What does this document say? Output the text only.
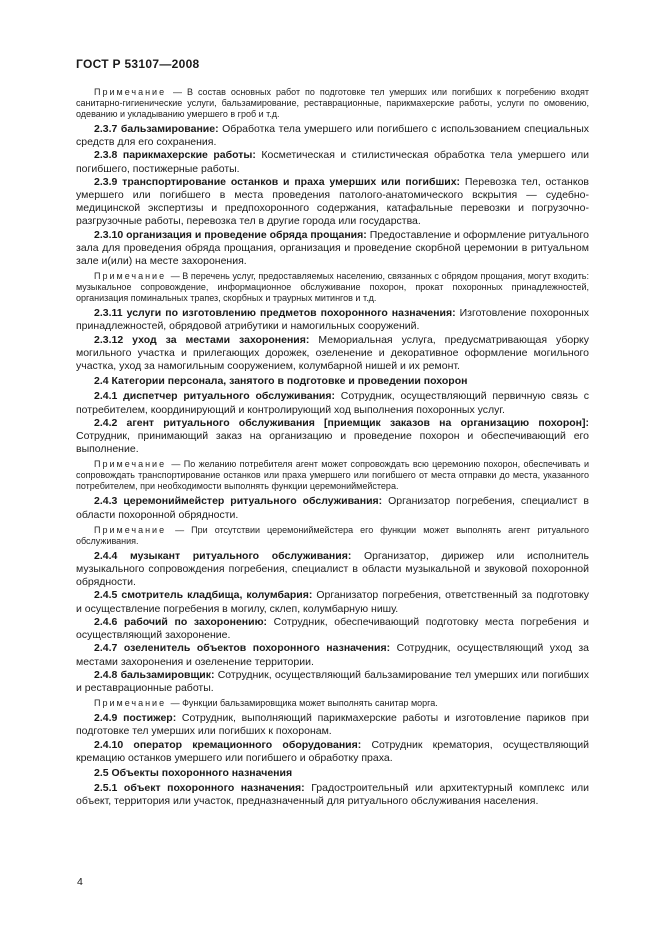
ГОСТ Р 53107—2008

Примечание — В состав основных работ по подготовке тел умерших или погибших к погребению входят санитарно-гигиенические услуги, бальзамирование, реставрационные, парикмахерские работы, услуги по омовению, одеванию и укладыванию умершего в гроб и т.д.

2.3.7 бальзамирование: Обработка тела умершего или погибшего с использованием специальных средств для его сохранения.

2.3.8 парикмахерские работы: Косметическая и стилистическая обработка тела умершего или погибшего, постижерные работы.

2.3.9 транспортирование останков и праха умерших или погибших: Перевозка тел, останков умершего или погибшего в места проведения патолого-анатомического вскрытия — судебно-медицинской экспертизы и предпохоронного содержания, катафальные перевозки и погрузочно-разгрузочные работы, перевозка тел в другие города или государства.

2.3.10 организация и проведение обряда прощания: Предоставление и оформление ритуального зала для проведения обряда прощания, организация и проведение скорбной церемонии в ритуальном зале и(или) на месте захоронения.

Примечание — В перечень услуг, предоставляемых населению, связанных с обрядом прощания, могут входить: музыкальное сопровождение, информационное обслуживание похорон, прокат похоронных принадлежностей, организация поминальных трапез, скорбных и траурных митингов и т.д.

2.3.11 услуги по изготовлению предметов похоронного назначения: Изготовление похоронных принадлежностей, обрядовой атрибутики и намогильных сооружений.

2.3.12 уход за местами захоронения: Мемориальная услуга, предусматривающая уборку могильного участка и прилегающих дорожек, озеленение и декоративное оформление могильного участка, уход за намогильным сооружением, колумбарной нишей и их ремонт.

2.4 Категории персонала, занятого в подготовке и проведении похорон

2.4.1 диспетчер ритуального обслуживания: Сотрудник, осуществляющий первичную связь с потребителем, координирующий и контролирующий ход выполнения похоронных услуг.

2.4.2 агент ритуального обслуживания [приемщик заказов на организацию похорон]: Сотрудник, принимающий заказ на организацию и проведение похорон и обеспечивающий его выполнение.

Примечание — По желанию потребителя агент может сопровождать всю церемонию похорон, обеспечивать и сопровождать транспортирование останков или праха умершего или погибшего от места отправки до места, указанного потребителем, при необходимости выполнять функции церемониймейстера.

2.4.3 церемониймейстер ритуального обслуживания: Организатор погребения, специалист в области похоронной обрядности.

Примечание — При отсутствии церемониймейстера его функции может выполнять агент ритуального обслуживания.

2.4.4 музыкант ритуального обслуживания: Организатор, дирижер или исполнитель музыкального сопровождения погребения, специалист в области музыкальной и звуковой похоронной обрядности.

2.4.5 смотритель кладбища, колумбария: Организатор погребения, ответственный за подготовку и осуществление погребения в могилу, склеп, колумбарную нишу.

2.4.6 рабочий по захоронению: Сотрудник, обеспечивающий подготовку места погребения и осуществляющий захоронение.

2.4.7 озеленитель объектов похоронного назначения: Сотрудник, осуществляющий уход за местами захоронения и озеленение территории.

2.4.8 бальзамировщик: Сотрудник, осуществляющий бальзамирование тел умерших или погибших и реставрационные работы.

Примечание — Функции бальзамировщика может выполнять санитар морга.

2.4.9 постижер: Сотрудник, выполняющий парикмахерские работы и изготовление париков при подготовке тел умерших или погибших к похоронам.

2.4.10 оператор кремационного оборудования: Сотрудник крематория, осуществляющий кремацию останков умершего или погибшего и обработку праха.

2.5 Объекты похоронного назначения

2.5.1 объект похоронного назначения: Градостроительный или архитектурный комплекс или объект, территория или участок, предназначенный для ритуального обслуживания населения.

4
